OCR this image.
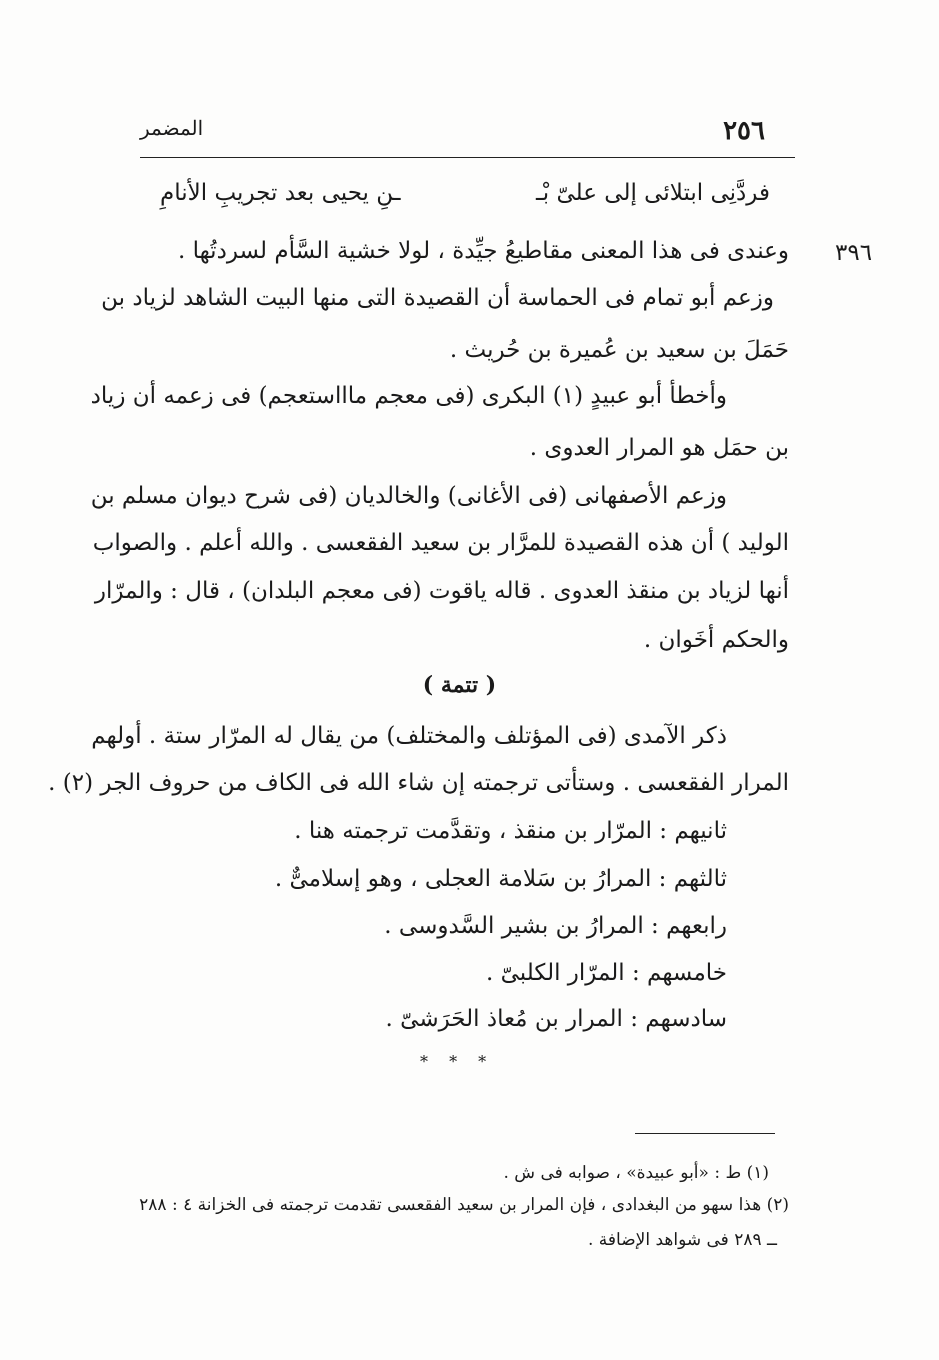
٢٥٦
المضمر
فردَّنِى ابتلائى إلى علىّ بْـ
ـنِ يحيى بعد تجريبِ الأنامِ
٣٩٦
وعندى فى هذا المعنى مقاطيعُ جيِّدة ، لولا خشية السَّأم لسردتُها .
وزعم أبو تمام فى الحماسة أن القصيدة التى منها البيت الشاهد لزياد بن
حَمَلَ بن سعيد بن عُميرة بن حُريث .
وأخطأ أبو عبيدٍ (١) البكرى (فى معجم ماااستعجم) فى زعمه أن زياد
بن حمَل هو المرار العدوى .
وزعم الأصفهانى (فى الأغانى) والخالديان (فى شرح ديوان مسلم بن
الوليد ) أن هذه القصيدة للمرَّار بن سعيد الفقعسى . والله أعلم . والصواب
أنها لزياد بن منقذ العدوى . قاله ياقوت (فى معجم البلدان) ، قال : والمرّار
والحكم أخَوان .
( تتمة )
ذكر الآمدى (فى المؤتلف والمختلف) من يقال له المرّار ستة . أولهم
المرار الفقعسى . وستأتى ترجمته إن شاء الله فى الكاف من حروف الجر (٢) .
ثانيهم : المرّار بن منقذ ، وتقدَّمت ترجمته هنا .
ثالثهم : المرارُ بن سَلامة العجلى ، وهو إسلامىٌّ .
رابعهم : المرارُ بن بشير السَّدوسى .
خامسهم : المرّار الكلبىّ .
سادسهم : المرار بن مُعاذ الحَرَشىّ .
* * *
(١) ط : «أبو عبيدة» ، صوابه فى ش .
(٢) هذا سهو من البغدادى ، فإن المرار بن سعيد الفقعسى تقدمت ترجمته فى الخزانة ٤ : ٢٨٨
ــ ٢٨٩ فى شواهد الإضافة .
